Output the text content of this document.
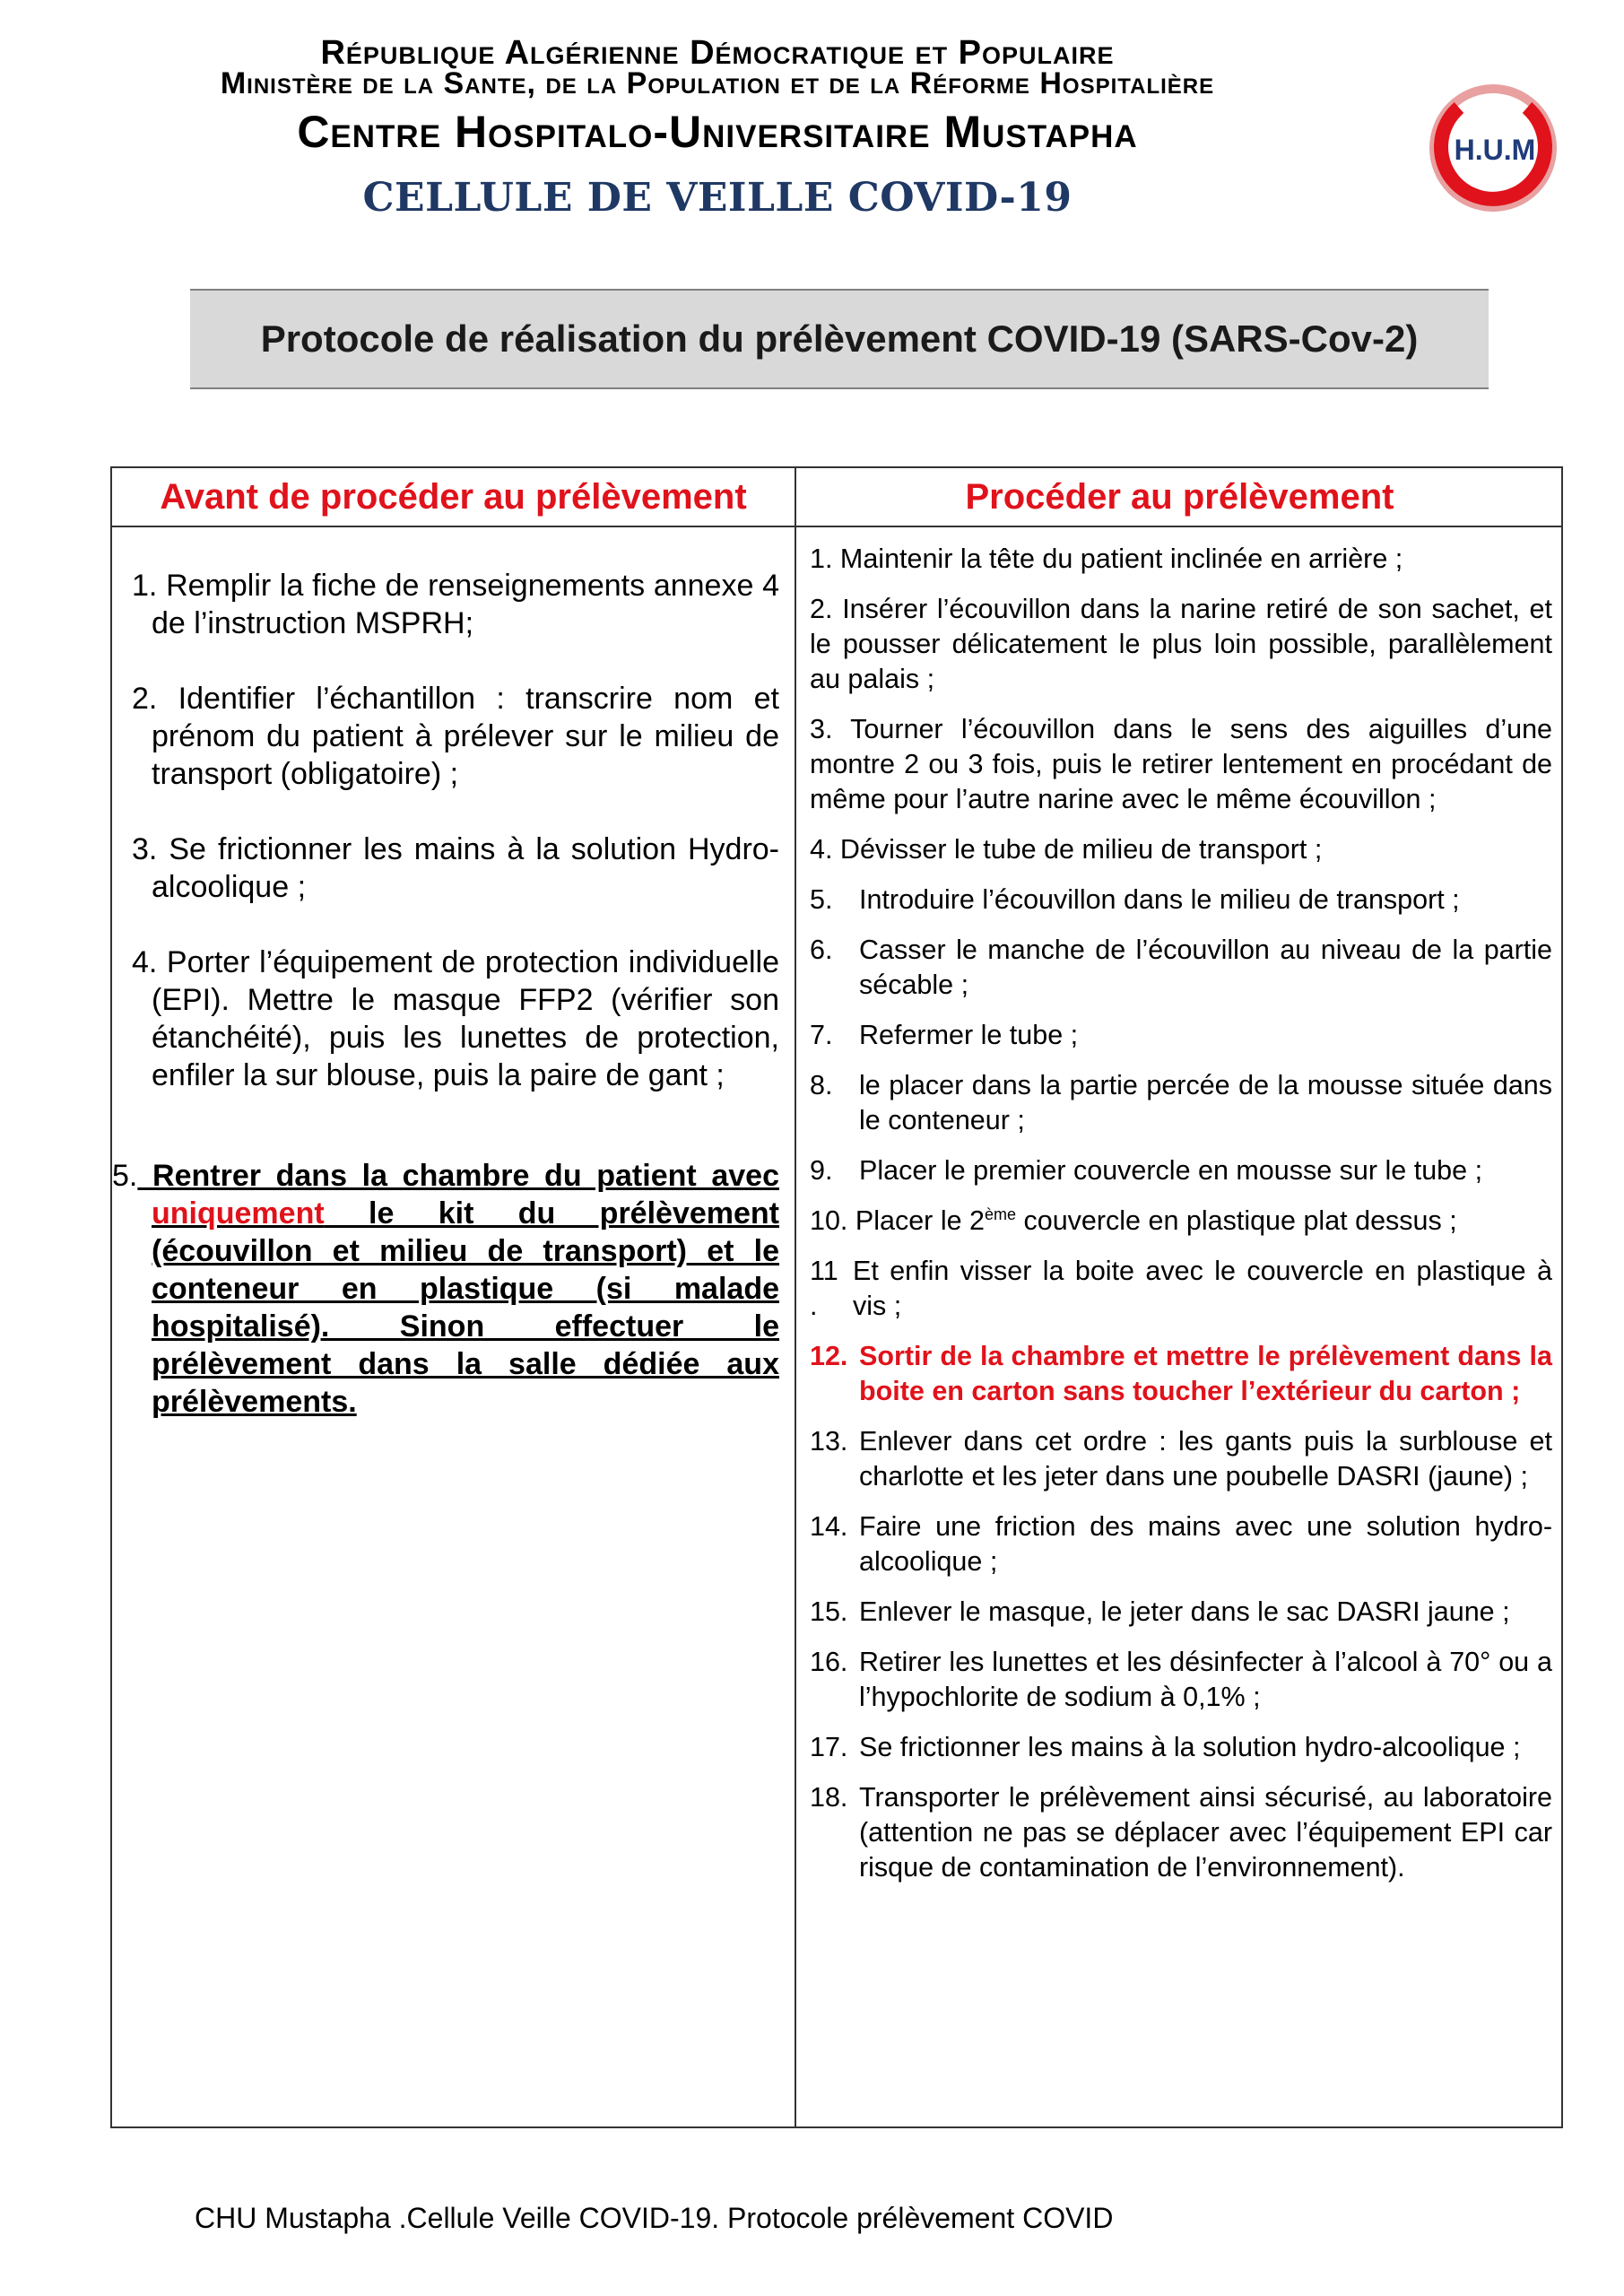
République Algérienne Démocratique et Populaire
Ministère de la Sante, de la Population et de la Réforme Hospitalière
Centre Hospitalo-Universitaire Mustapha
CELLULE DE VEILLE COVID-19
H.U.M
Protocole de réalisation du prélèvement COVID-19 (SARS-Cov-2)
Avant de procéder au prélèvement	Procéder au prélèvement
1. Remplir la fiche de renseignements annexe 4 de l’instruction MSPRH;
2. Identifier l’échantillon : transcrire nom et prénom du patient à prélever sur le milieu de transport (obligatoire) ;
3. Se frictionner les mains à la solution Hydro-alcoolique ;
4. Porter l’équipement de protection individuelle (EPI). Mettre le masque FFP2 (vérifier son étanchéité), puis les lunettes de protection, enfiler la sur blouse, puis la paire de gant ;
5. Rentrer dans la chambre du patient avec uniquement le kit du prélèvement (écouvillon et milieu de transport) et le conteneur en plastique (si malade hospitalisé). Sinon effectuer le prélèvement dans la salle dédiée aux prélèvements.
1. Maintenir la tête du patient inclinée en arrière ;
2. Insérer l’écouvillon dans la narine retiré de son sachet, et le pousser délicatement le plus loin possible, parallèlement au palais ;
3. Tourner l’écouvillon dans le sens des aiguilles d’une montre 2 ou 3 fois, puis le retirer lentement en procédant de même pour l’autre narine avec le même écouvillon ;
4. Dévisser le tube de milieu de transport ;
5. Introduire l’écouvillon dans le milieu de transport ;
6. Casser le manche de l’écouvillon au niveau de la partie sécable ;
7. Refermer le tube ;
8. le placer dans la partie percée de la mousse située dans le conteneur ;
9. Placer le premier couvercle en mousse sur le tube ;
10. Placer le 2ème couvercle en plastique plat dessus ;
11 .
Et enfin visser la boite avec le couvercle en plastique à vis ;
12. Sortir de la chambre et mettre le prélèvement dans la boite en carton sans toucher l’extérieur du carton ;
13. Enlever dans cet ordre : les gants puis la surblouse et charlotte et les jeter dans une poubelle DASRI (jaune) ;
14. Faire une friction des mains avec une solution hydro-alcoolique ;
15. Enlever le masque, le jeter dans le sac DASRI jaune ;
16. Retirer les lunettes et les désinfecter à l’alcool à 70° ou a l’hypochlorite de sodium à 0,1% ;
17. Se frictionner les mains à la solution hydro-alcoolique ;
18. Transporter le prélèvement ainsi sécurisé, au laboratoire (attention ne pas se déplacer avec l’équipement EPI car risque de contamination de l’environnement).
CHU Mustapha .Cellule Veille COVID-19. Protocole prélèvement COVID
